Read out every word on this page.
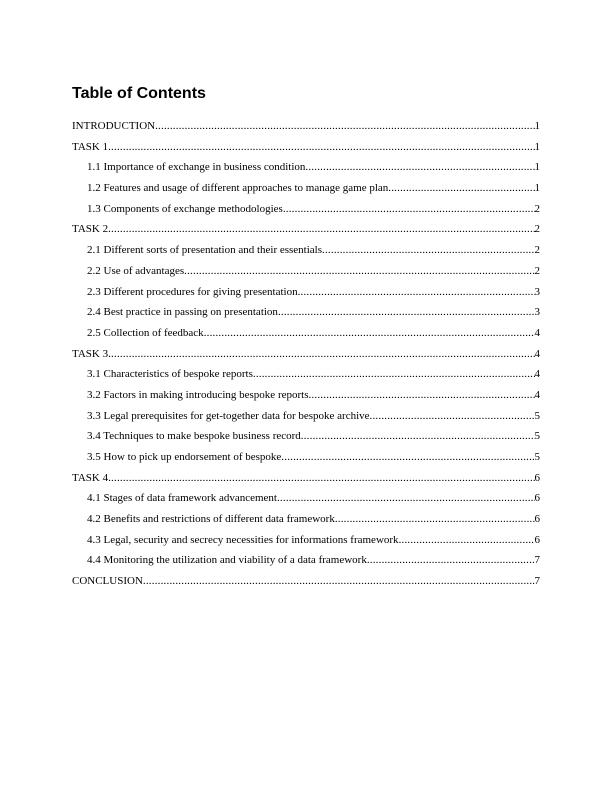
Table of Contents
INTRODUCTION .....	1
TASK 1 .....	1
1.1 Importance of exchange in business condition .....	1
1.2 Features and usage of different approaches to manage game plan .....	1
1.3 Components of exchange methodologies .....	2
TASK 2 .....	2
2.1 Different sorts of presentation and their essentials .....	2
2.2 Use of advantages .....	2
2.3 Different procedures for giving presentation .....	3
2.4 Best practice in passing on presentation .....	3
2.5 Collection of feedback .....	4
TASK 3 .....	4
3.1 Characteristics of bespoke reports .....	4
3.2 Factors in making introducing bespoke reports .....	4
3.3 Legal prerequisites for get-together data for bespoke archive .....	5
3.4 Techniques to make bespoke business record .....	5
3.5 How to pick up endorsement of bespoke .....	5
TASK 4 .....	6
4.1 Stages of data framework advancement .....	6
4.2 Benefits and restrictions of different data framework .....	6
4.3 Legal, security and secrecy necessities for informations framework .....	6
4.4 Monitoring the utilization and viability of a data framework .....	7
CONCLUSION .....	7
